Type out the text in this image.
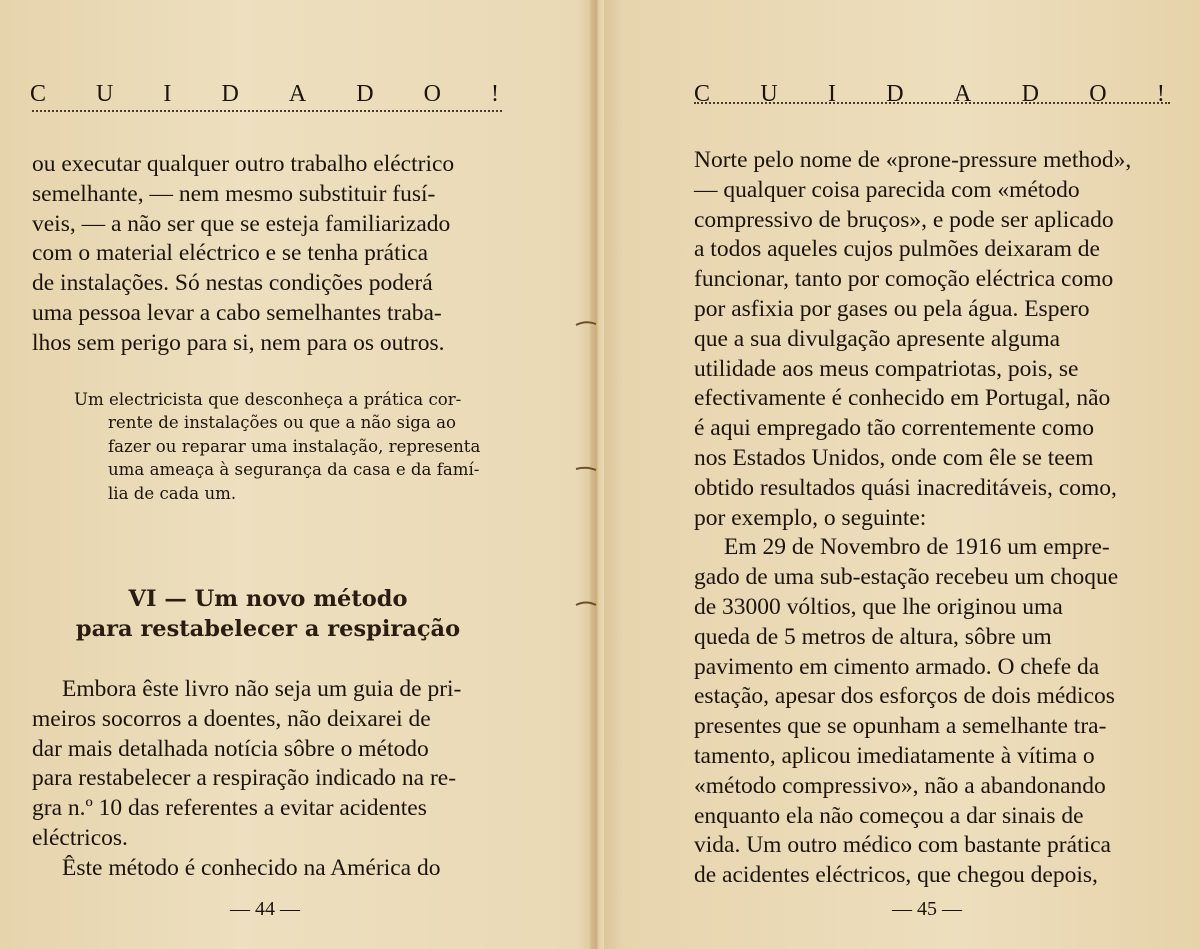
C U I D A D O !
ou executar qualquer outro trabalho eléctrico
semelhante, — nem mesmo substituir fusí-
veis, — a não ser que se esteja familiarizado
com o material eléctrico e se tenha prática
de instalações. Só nestas condições poderá
uma pessoa levar a cabo semelhantes traba-
lhos sem perigo para si, nem para os outros.
Um electricista que desconheça a prática cor-
rente de instalações ou que a não siga ao
fazer ou reparar uma instalação, representa
uma ameaça à segurança da casa e da famí-
lia de cada um.
VI — Um novo método
para restabelecer a respiração
Embora êste livro não seja um guia de pri-
meiros socorros a doentes, não deixarei de
dar mais detalhada notícia sôbre o método
para restabelecer a respiração indicado na re-
gra n.º 10 das referentes a evitar acidentes
eléctricos.
Êste método é conhecido na América do
— 44 —
C U I D A D O !
Norte pelo nome de «prone-pressure method»,
— qualquer coisa parecida com «método
compressivo de bruços», e pode ser aplicado
a todos aqueles cujos pulmões deixaram de
funcionar, tanto por comoção eléctrica como
por asfixia por gases ou pela água. Espero
que a sua divulgação apresente alguma
utilidade aos meus compatriotas, pois, se
efectivamente é conhecido em Portugal, não
é aqui empregado tão correntemente como
nos Estados Unidos, onde com êle se teem
obtido resultados quási inacreditáveis, como,
por exemplo, o seguinte:
Em 29 de Novembro de 1916 um empre-
gado de uma sub-estação recebeu um choque
de 33000 vóltios, que lhe originou uma
queda de 5 metros de altura, sôbre um
pavimento em cimento armado. O chefe da
estação, apesar dos esforços de dois médicos
presentes que se opunham a semelhante tra-
tamento, aplicou imediatamente à vítima o
«método compressivo», não a abandonando
enquanto ela não começou a dar sinais de
vida. Um outro médico com bastante prática
de acidentes eléctricos, que chegou depois,
— 45 —
